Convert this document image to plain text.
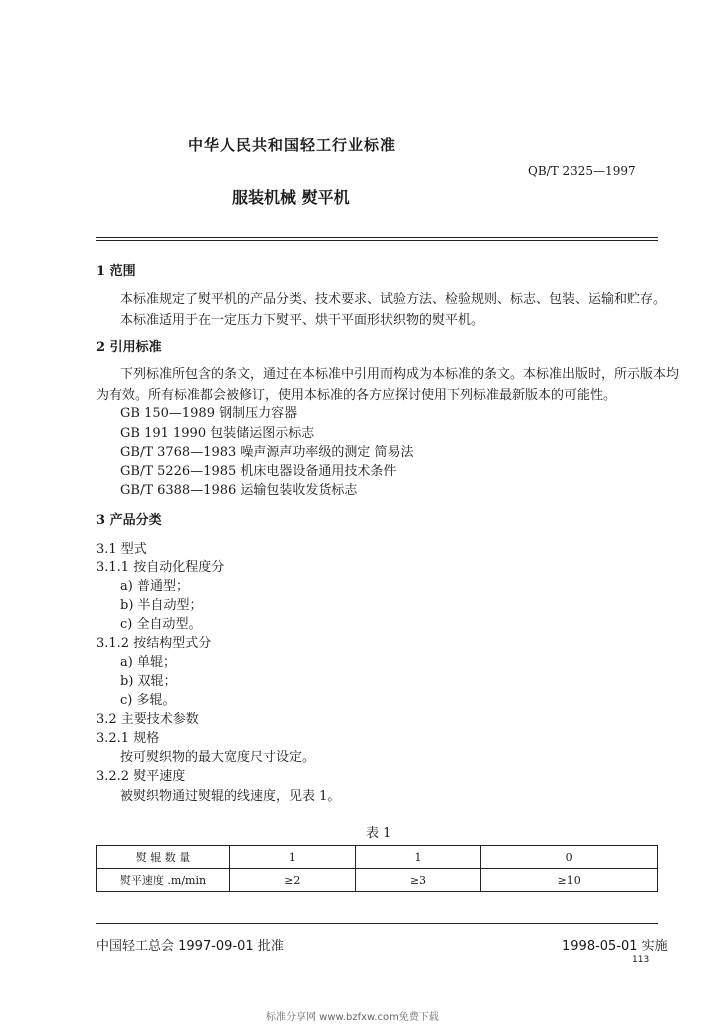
中华人民共和国轻工行业标准
QB/T 2325—1997
服装机械 熨平机
1 范围
本标准规定了熨平机的产品分类、技术要求、试验方法、检验规则、标志、包装、运输和贮存。
本标准适用于在一定压力下熨平、烘干平面形状织物的熨平机。
2 引用标准
下列标准所包含的条文，通过在本标准中引用而构成为本标准的条文。本标准出版时，所示版本均
为有效。所有标准都会被修订，使用本标准的各方应探讨使用下列标准最新版本的可能性。
GB 150—1989 钢制压力容器
GB 191 1990 包装储运图示标志
GB/T 3768—1983 噪声源声功率级的测定 简易法
GB/T 5226—1985 机床电器设备通用技术条件
GB/T 6388—1986 运输包装收发货标志
3 产品分类
3.1 型式
3.1.1 按自动化程度分
a) 普通型；
b) 半自动型；
c) 全自动型。
3.1.2 按结构型式分
a) 单辊；
b) 双辊；
c) 多辊。
3.2 主要技术参数
3.2.1 规格
按可熨织物的最大宽度尺寸设定。
3.2.2 熨平速度
被熨织物通过熨辊的线速度，见表 1。
表 1
熨 辊 数 量	1	1	0
熨平速度 .m/min	≥2	≥3	≥10
中国轻工总会 1997-09-01 批准	1998-05-01 实施
113
标准分享网 www.bzfxw.com免费下载
